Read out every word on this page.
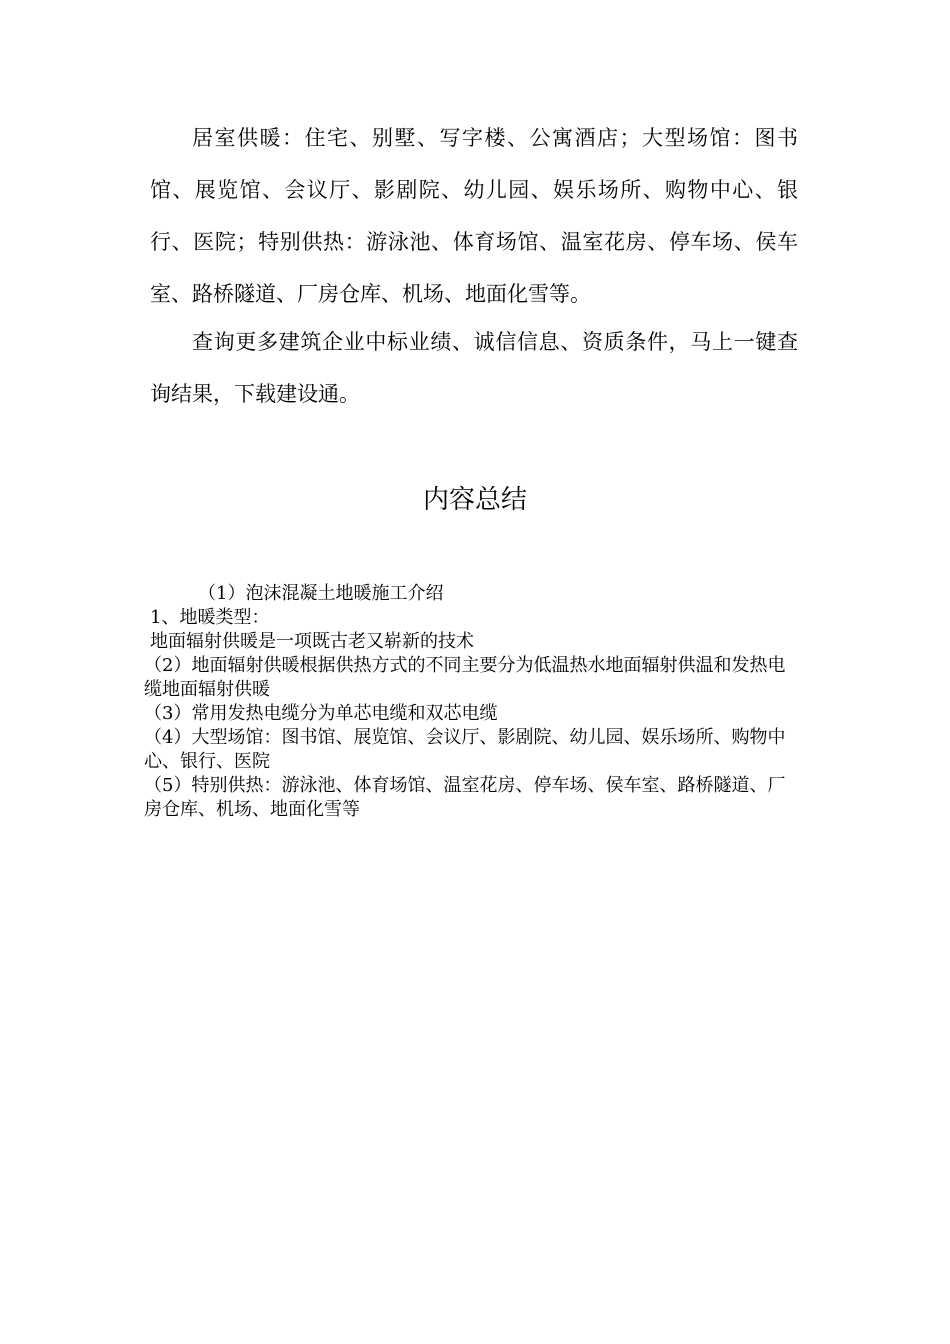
居室供暖：住宅、别墅、写字楼、公寓酒店；大型场馆：图书馆、展览馆、会议厅、影剧院、幼儿园、娱乐场所、购物中心、银行、医院；特别供热：游泳池、体育场馆、温室花房、停车场、侯车室、路桥隧道、厂房仓库、机场、地面化雪等。

查询更多建筑企业中标业绩、诚信信息、资质条件，马上一键查询结果，下载建设通。

内容总结
（1）泡沫混凝土地暖施工介绍
1、地暖类型：
地面辐射供暖是一项既古老又崭新的技术
（2）地面辐射供暖根据供热方式的不同主要分为低温热水地面辐射供温和发热电缆地面辐射供暖
（3）常用发热电缆分为单芯电缆和双芯电缆
（4）大型场馆：图书馆、展览馆、会议厅、影剧院、幼儿园、娱乐场所、购物中心、银行、医院
（5）特别供热：游泳池、体育场馆、温室花房、停车场、侯车室、路桥隧道、厂房仓库、机场、地面化雪等
